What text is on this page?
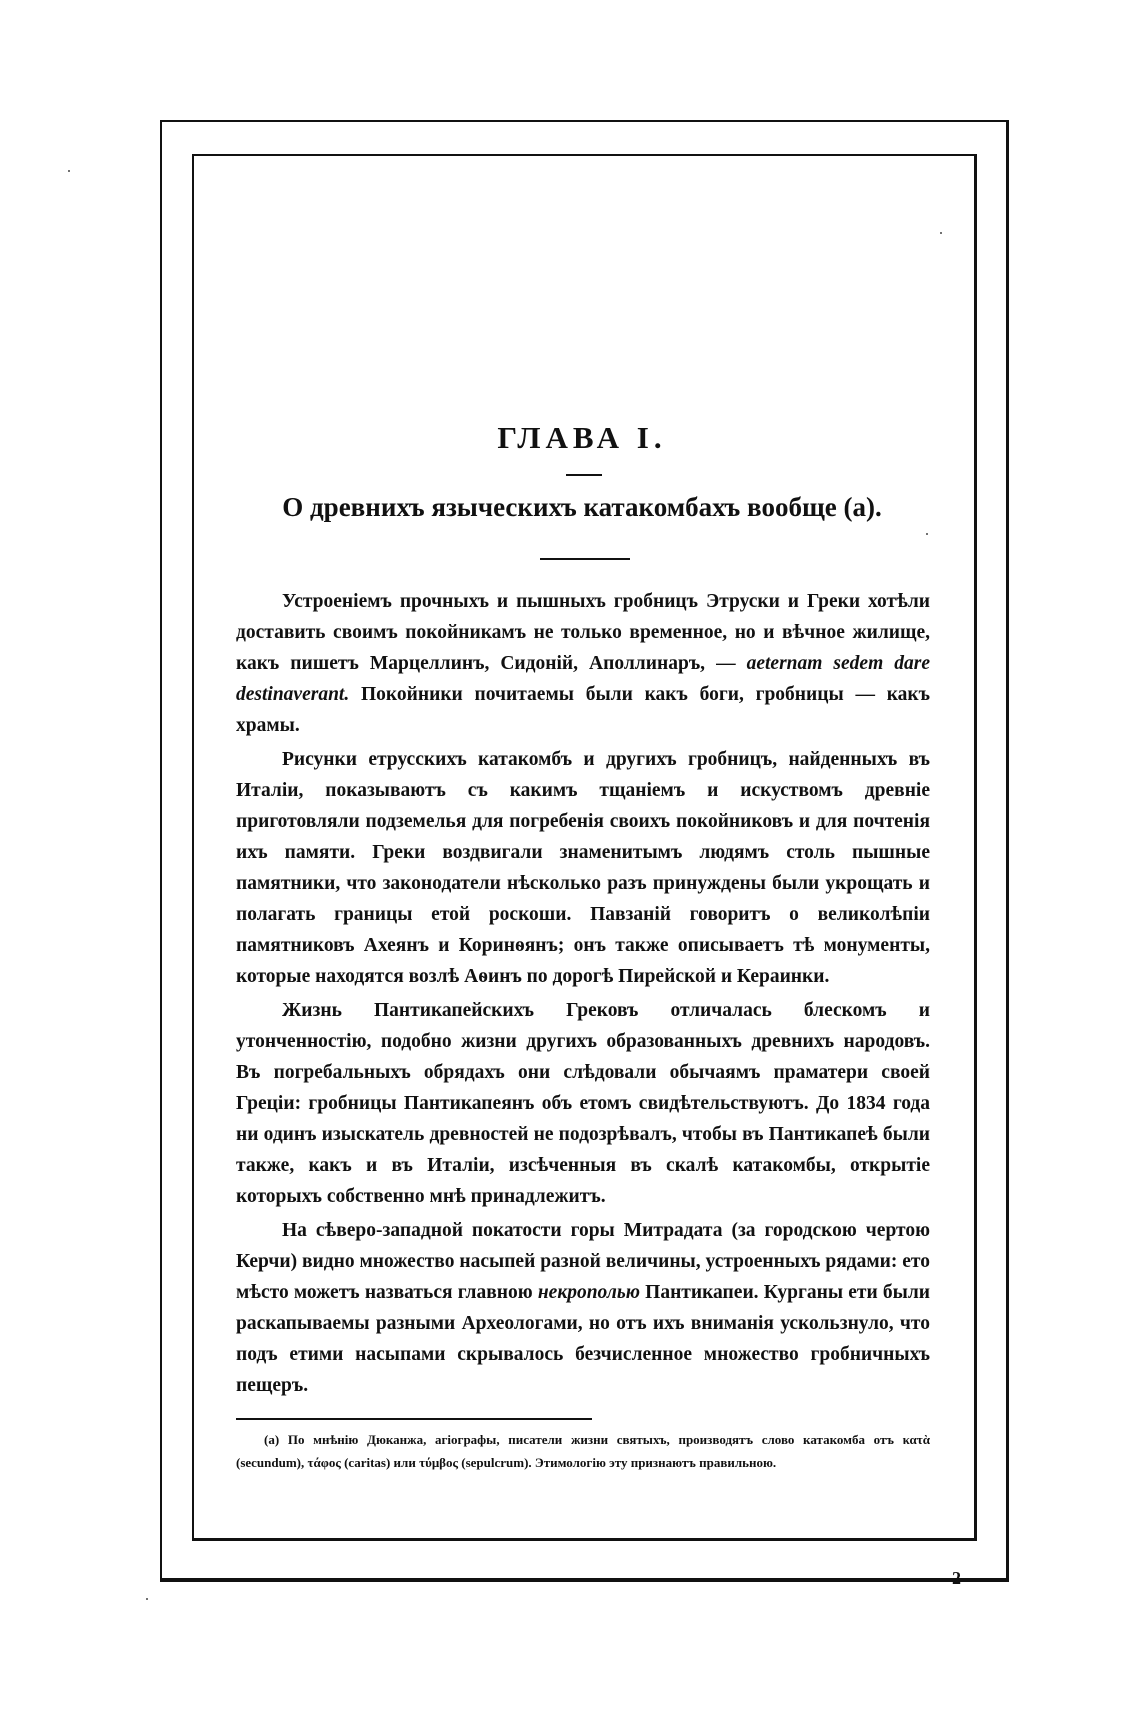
ГЛАВА I.
О древнихъ языческихъ катакомбахъ вообще (а).

Устроеніемъ прочныхъ и пышныхъ гробницъ Этруски и Греки хотѣли доставить своимъ покойникамъ не только временное, но и вѣчное жилище, какъ пишетъ Марцеллинъ, Сидоній, Аполлинаръ, — aeternam sedem dare destinaverant. Покойники почитаемы были какъ боги, гробницы — какъ храмы.

Рисунки етрусскихъ катакомбъ и другихъ гробницъ, найденныхъ въ Италіи, показываютъ съ какимъ тщаніемъ и искуствомъ древніе приготовляли подземелья для погребенія своихъ покойниковъ и для почтенія ихъ памяти. Греки воздвигали знаменитымъ людямъ столь пышные памятники, что законодатели нѣсколько разъ принуждены были укрощать и полагать границы етой роскоши. Павзаній говоритъ о великолѣпіи памятниковъ Ахеянъ и Коринѳянъ; онъ также описываетъ тѣ монументы, которые находятся возлѣ Аѳинъ по дорогѣ Пирейской и Кераинки.

Жизнь Пантикапейскихъ Грековъ отличалась блескомъ и утонченностію, подобно жизни другихъ образованныхъ древнихъ народовъ. Въ погребальныхъ обрядахъ они слѣдовали обычаямъ праматери своей Греціи: гробницы Пантикапеянъ объ етомъ свидѣтельствуютъ. До 1834 года ни одинъ изыскатель древностей не подозрѣвалъ, чтобы въ Пантикапеѣ были также, какъ и въ Италіи, изсѣченныя въ скалѣ катакомбы, открытіе которыхъ собственно мнѣ принадлежитъ.

На сѣверо-западной покатости горы Митрадата (за городскою чертою Керчи) видно множество насыпей разной величины, устроенныхъ рядами: ето мѣсто можетъ назваться главною некрополью Пантикапеи. Курганы ети были раскапываемы разными Археологами, но отъ ихъ вниманія ускользнуло, что подъ етими насыпами скрывалось безчисленное множество гробничныхъ пещеръ.

(а) По мнѣнію Дюканжа, агіографы, писатели жизни святыхъ, производятъ слово катакомба отъ κατὰ (secundum), τάφος (caritas) или τύμβος (sepulcrum). Этимологію эту признаютъ правильною.
2
